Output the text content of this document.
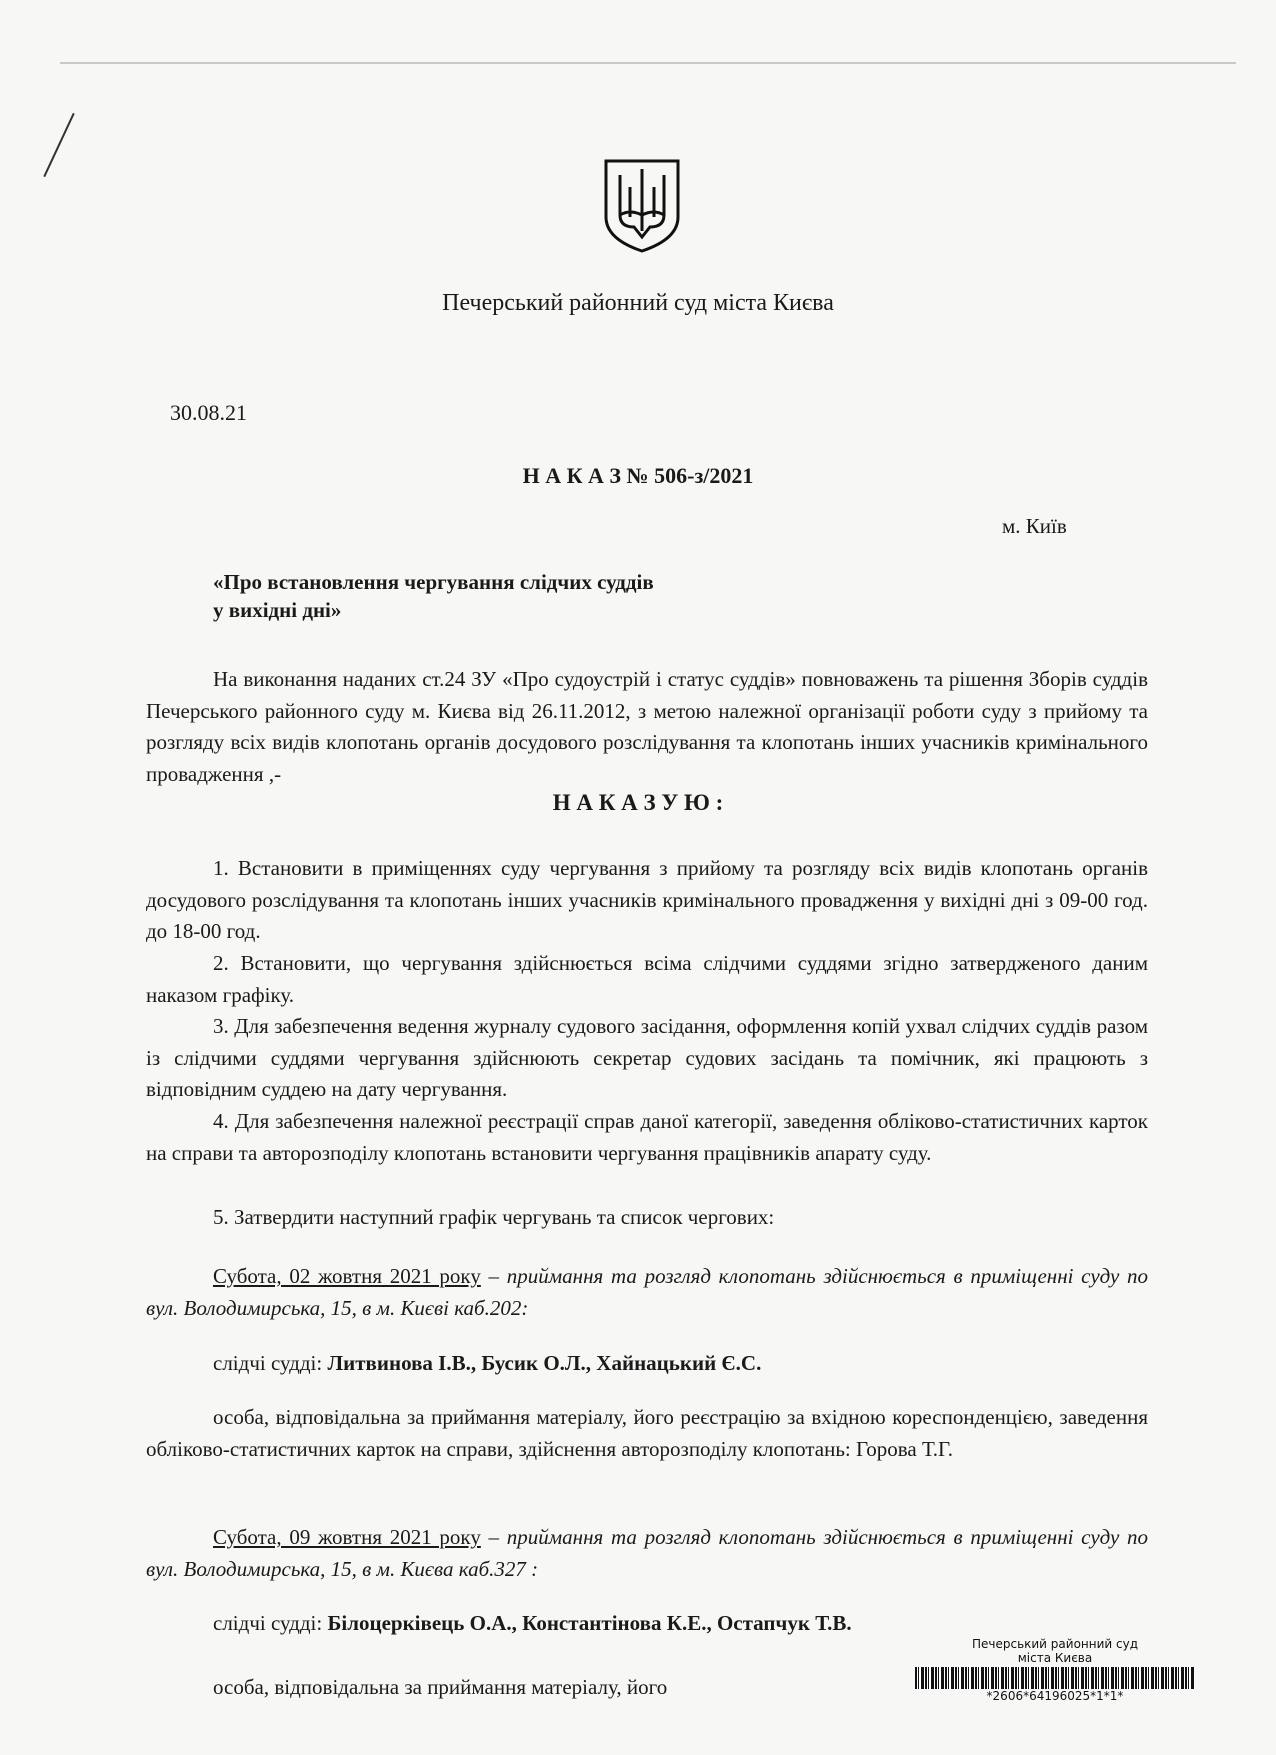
Печерський районний суд міста Києва
30.08.21
Н А К А З № 506-з/2021
м. Київ
«Про встановлення чергування слідчих суддів
у вихідні дні»
На виконання наданих ст.24 ЗУ «Про судоустрій і статус суддів» повноважень та рішення Зборів суддів Печерського районного суду м. Києва від 26.11.2012, з метою належної організації роботи суду з прийому та розгляду всіх видів клопотань органів досудового розслідування та клопотань інших учасників кримінального провадження ,-
Н А К А З У Ю :
1. Встановити в приміщеннях суду чергування з прийому та розгляду всіх видів клопотань органів досудового розслідування та клопотань інших учасників кримінального провадження у вихідні дні з 09-00 год. до 18-00 год.
2. Встановити, що чергування здійснюється всіма слідчими суддями згідно затвердженого даним наказом графіку.
3. Для забезпечення ведення журналу судового засідання, оформлення копій ухвал слідчих суддів разом із слідчими суддями чергування здійснюють секретар судових засідань та помічник, які працюють з відповідним суддею на дату чергування.
4. Для забезпечення належної реєстрації справ даної категорії, заведення обліково-статистичних карток на справи та авторозподілу клопотань встановити чергування працівників апарату суду.
5. Затвердити наступний графік чергувань та список чергових:
Субота, 02 жовтня 2021 року – приймання та розгляд клопотань здійснюється в приміщенні суду по вул. Володимирська, 15, в м. Києві каб.202:
слідчі судді: Литвинова І.В., Бусик О.Л., Хайнацький Є.С.
особа, відповідальна за приймання матеріалу, його реєстрацію за вхідною кореспонденцією, заведення обліково-статистичних карток на справи, здійснення авторозподілу клопотань: Горова Т.Г.
Субота, 09 жовтня 2021 року – приймання та розгляд клопотань здійснюється в приміщенні суду по вул. Володимирська, 15, в м. Києва каб.327 :
слідчі судді: Білоцерківець О.А., Константінова К.Е., Остапчук Т.В.
особа, відповідальна за приймання матеріалу, його
Печерський районний суд
міста Києва
*2606*64196025*1*1*
